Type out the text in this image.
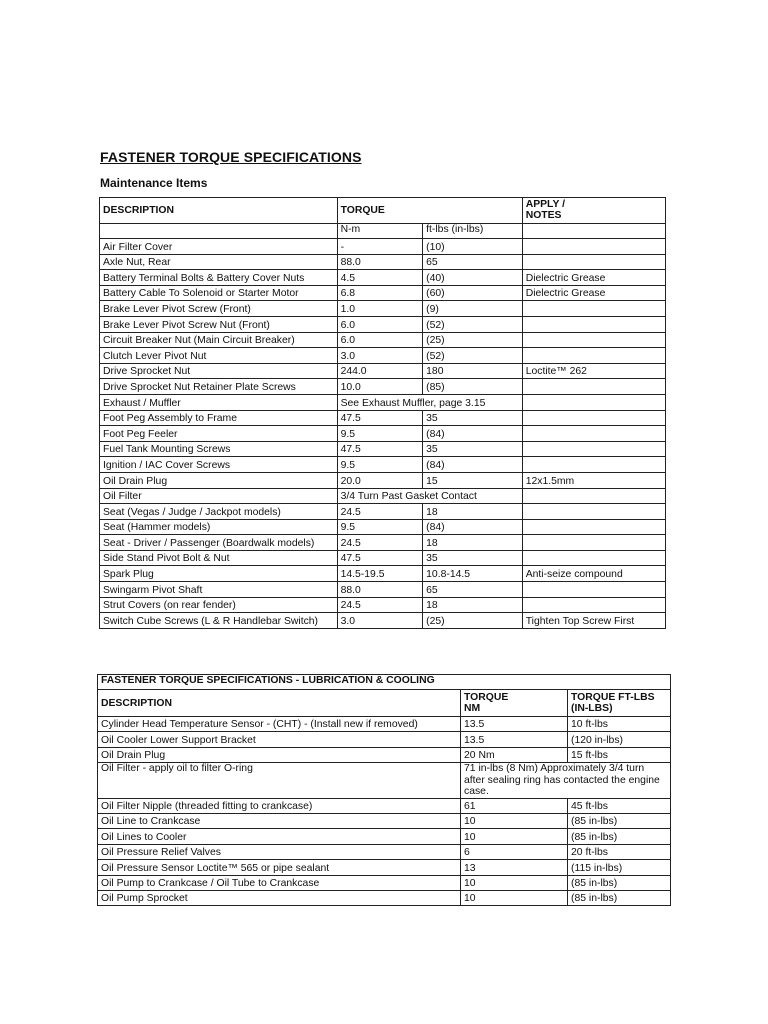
FASTENER TORQUE SPECIFICATIONS
Maintenance Items
DESCRIPTION	TORQUE		APPLY / NOTES

	N-m	ft-lbs (in-lbs)	
Air Filter Cover	-	(10)	
Axle Nut, Rear	88.0	65	
Battery Terminal Bolts & Battery Cover Nuts	4.5	(40)	Dielectric Grease
Battery Cable To Solenoid or Starter Motor	6.8	(60)	Dielectric Grease
Brake Lever Pivot Screw (Front)	1.0	(9)	
Brake Lever Pivot Screw Nut (Front)	6.0	(52)	
Circuit Breaker Nut (Main Circuit Breaker)	6.0	(25)	
Clutch Lever Pivot Nut	3.0	(52)	
Drive Sprocket Nut	244.0	180	Loctite™ 262
Drive Sprocket Nut Retainer Plate Screws	10.0	(85)	
Exhaust / Muffler	See Exhaust Muffler, page 3.15		
Foot Peg Assembly to Frame	47.5	35	
Foot Peg Feeler	9.5	(84)	
Fuel Tank Mounting Screws	47.5	35	
Ignition / IAC Cover Screws	9.5	(84)	
Oil Drain Plug	20.0	15	12x1.5mm
Oil Filter	3/4 Turn Past Gasket Contact		
Seat (Vegas / Judge / Jackpot models)	24.5	18	
Seat (Hammer models)	9.5	(84)	
Seat - Driver / Passenger (Boardwalk models)	24.5	18	
Side Stand Pivot Bolt & Nut	47.5	35	
Spark Plug	14.5-19.5	10.8-14.5	Anti-seize compound
Swingarm Pivot Shaft	88.0	65	
Strut Covers (on rear fender)	24.5	18	
Switch Cube Screws (L & R Handlebar Switch)	3.0	(25)	Tighten Top Screw First
FASTENER TORQUE SPECIFICATIONS - LUBRICATION & COOLING		
DESCRIPTION	TORQUE NM	TORQUE FT-LBS (IN-LBS)

Cylinder Head Temperature Sensor - (CHT) - (Install new if removed)	13.5	10 ft-lbs
Oil Cooler Lower Support Bracket	13.5	(120 in-lbs)
Oil Drain Plug	20 Nm	15 ft-lbs
Oil Filter - apply oil to filter O-ring	71 in-lbs (8 Nm) Approximately 3/4 turn after sealing ring has contacted the engine case.	
Oil Filter Nipple (threaded fitting to crankcase)	61	45 ft-lbs
Oil Line to Crankcase	10	(85 in-lbs)
Oil Lines to Cooler	10	(85 in-lbs)
Oil Pressure Relief Valves	6	20 ft-lbs
Oil Pressure Sensor Loctite™ 565 or pipe sealant	13	(115 in-lbs)
Oil Pump to Crankcase / Oil Tube to Crankcase	10	(85 in-lbs)
Oil Pump Sprocket	10	(85 in-lbs)
